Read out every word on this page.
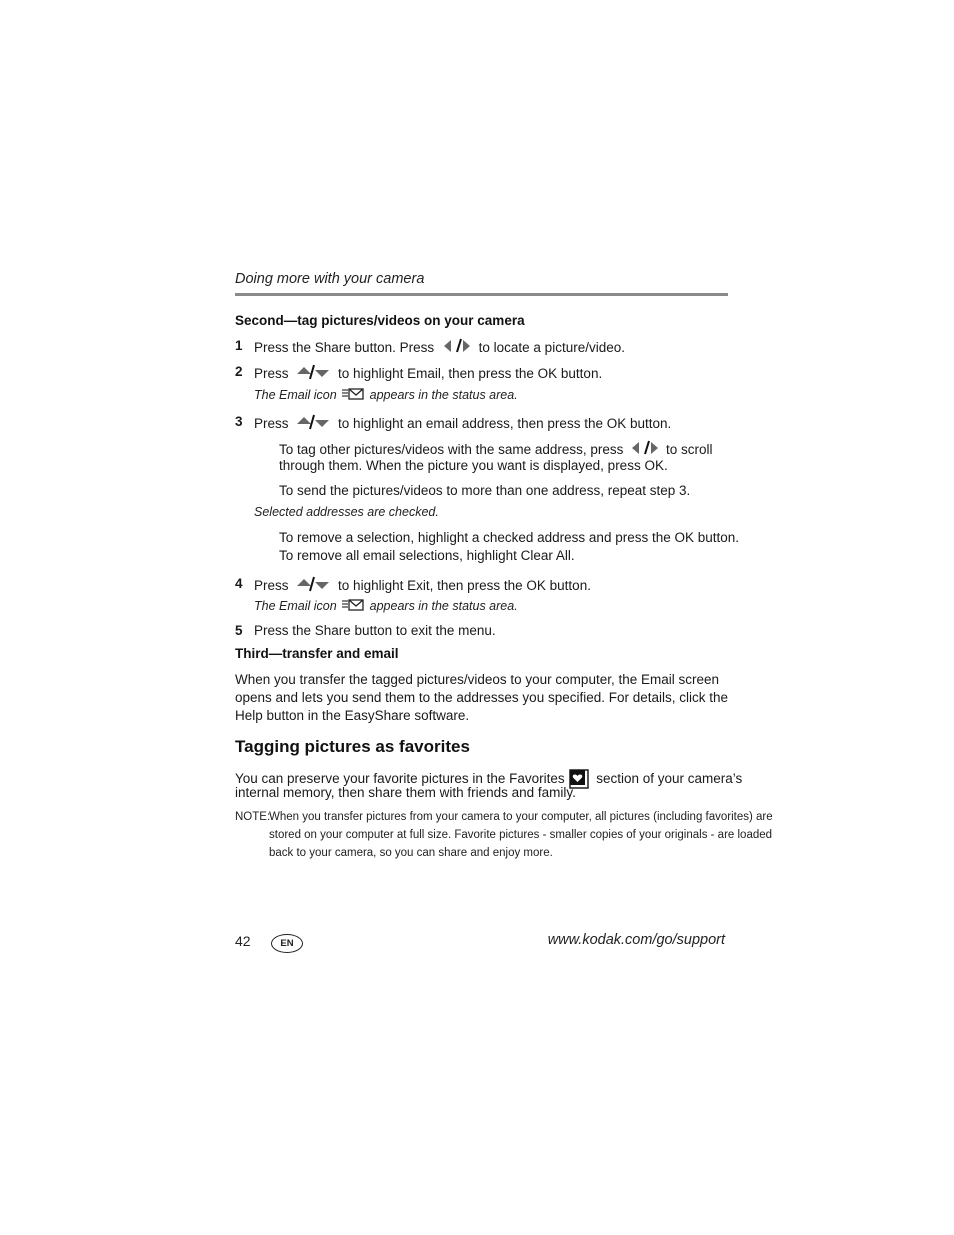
Doing more with your camera
Second—tag pictures/videos on your camera
1 Press the Share button. Press	to locate a picture/video.
2 Press	to highlight Email, then press the OK button.
The Email icon	appears in the status area.
3 Press	to highlight an email address, then press the OK button.
To tag other pictures/videos with the same address, press	to scroll
through them. When the picture you want is displayed, press OK.
To send the pictures/videos to more than one address, repeat step 3.
Selected addresses are checked.
To remove a selection, highlight a checked address and press the OK button.
To remove all email selections, highlight Clear All.
4 Press	to highlight Exit, then press the OK button.
The Email icon	appears in the status area.
5 Press the Share button to exit the menu.
Third—transfer and email
When you transfer the tagged pictures/videos to your computer, the Email screen
opens and lets you send them to the addresses you specified. For details, click the
Help button in the EasyShare software.
Tagging pictures as favorites
You can preserve your favorite pictures in the Favorites section of your camera’s
internal memory, then share them with friends and family.
NOTE:
When you transfer pictures from your camera to your computer, all pictures (including favorites) are
stored on your computer at full size. Favorite pictures - smaller copies of your originals - are loaded
back to your camera, so you can share and enjoy more.
42	EN	www.kodak.com/go/support
